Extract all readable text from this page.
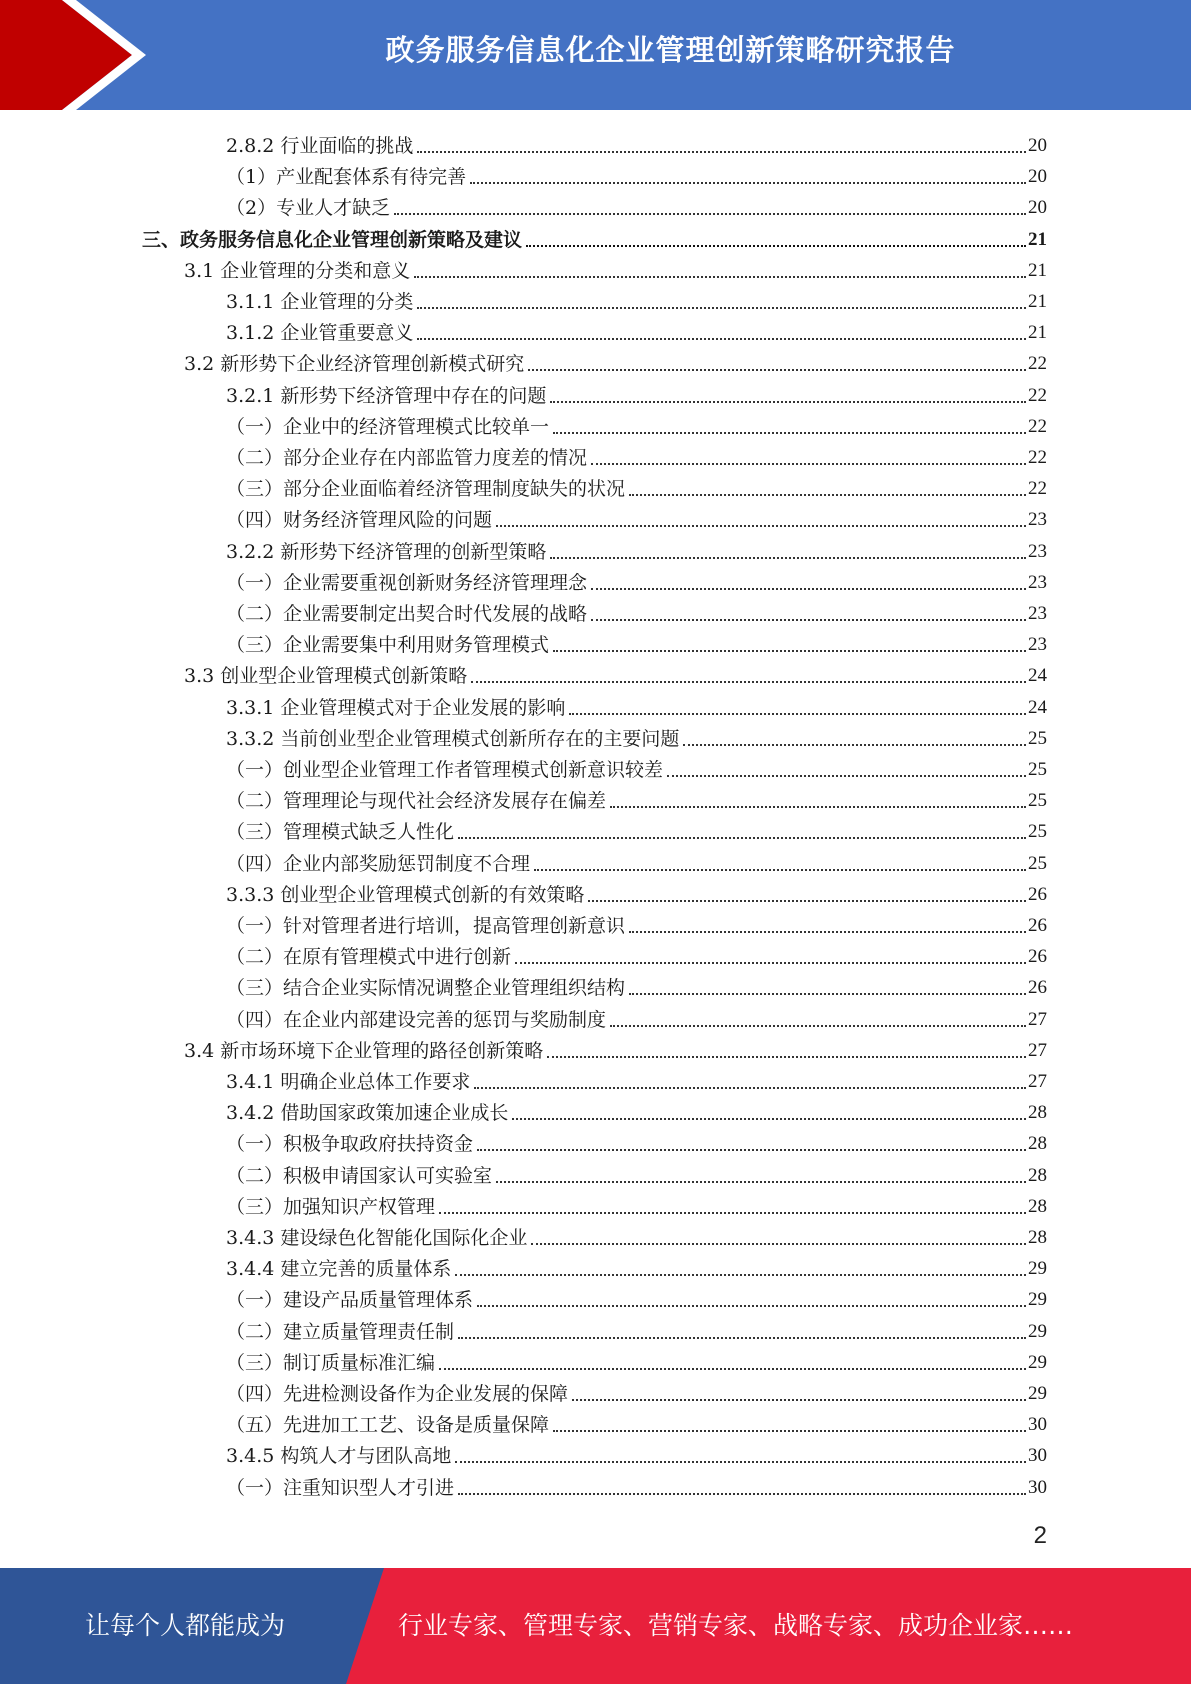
政务服务信息化企业管理创新策略研究报告
2.8.2 行业面临的挑战	20
（1）产业配套体系有待完善	20
（2）专业人才缺乏	20
三、政务服务信息化企业管理创新策略及建议	21
3.1 企业管理的分类和意义	21
3.1.1 企业管理的分类	21
3.1.2 企业管重要意义	21
3.2 新形势下企业经济管理创新模式研究	22
3.2.1 新形势下经济管理中存在的问题	22
（一）企业中的经济管理模式比较单一	22
（二）部分企业存在内部监管力度差的情况	22
（三）部分企业面临着经济管理制度缺失的状况	22
（四）财务经济管理风险的问题	23
3.2.2 新形势下经济管理的创新型策略	23
（一）企业需要重视创新财务经济管理理念	23
（二）企业需要制定出契合时代发展的战略	23
（三）企业需要集中利用财务管理模式	23
3.3 创业型企业管理模式创新策略	24
3.3.1 企业管理模式对于企业发展的影响	24
3.3.2 当前创业型企业管理模式创新所存在的主要问题	25
（一）创业型企业管理工作者管理模式创新意识较差	25
（二）管理理论与现代社会经济发展存在偏差	25
（三）管理模式缺乏人性化	25
（四）企业内部奖励惩罚制度不合理	25
3.3.3 创业型企业管理模式创新的有效策略	26
（一）针对管理者进行培训，提高管理创新意识	26
（二）在原有管理模式中进行创新	26
（三）结合企业实际情况调整企业管理组织结构	26
（四）在企业内部建设完善的惩罚与奖励制度	27
3.4 新市场环境下企业管理的路径创新策略	27
3.4.1 明确企业总体工作要求	27
3.4.2 借助国家政策加速企业成长	28
（一）积极争取政府扶持资金	28
（二）积极申请国家认可实验室	28
（三）加强知识产权管理	28
3.4.3 建设绿色化智能化国际化企业	28
3.4.4 建立完善的质量体系	29
（一）建设产品质量管理体系	29
（二）建立质量管理责任制	29
（三）制订质量标准汇编	29
（四）先进检测设备作为企业发展的保障	29
（五）先进加工工艺、设备是质量保障	30
3.4.5 构筑人才与团队高地	30
（一）注重知识型人才引进	30
2
让每个人都能成为	行业专家、管理专家、营销专家、战略专家、成功企业家……
